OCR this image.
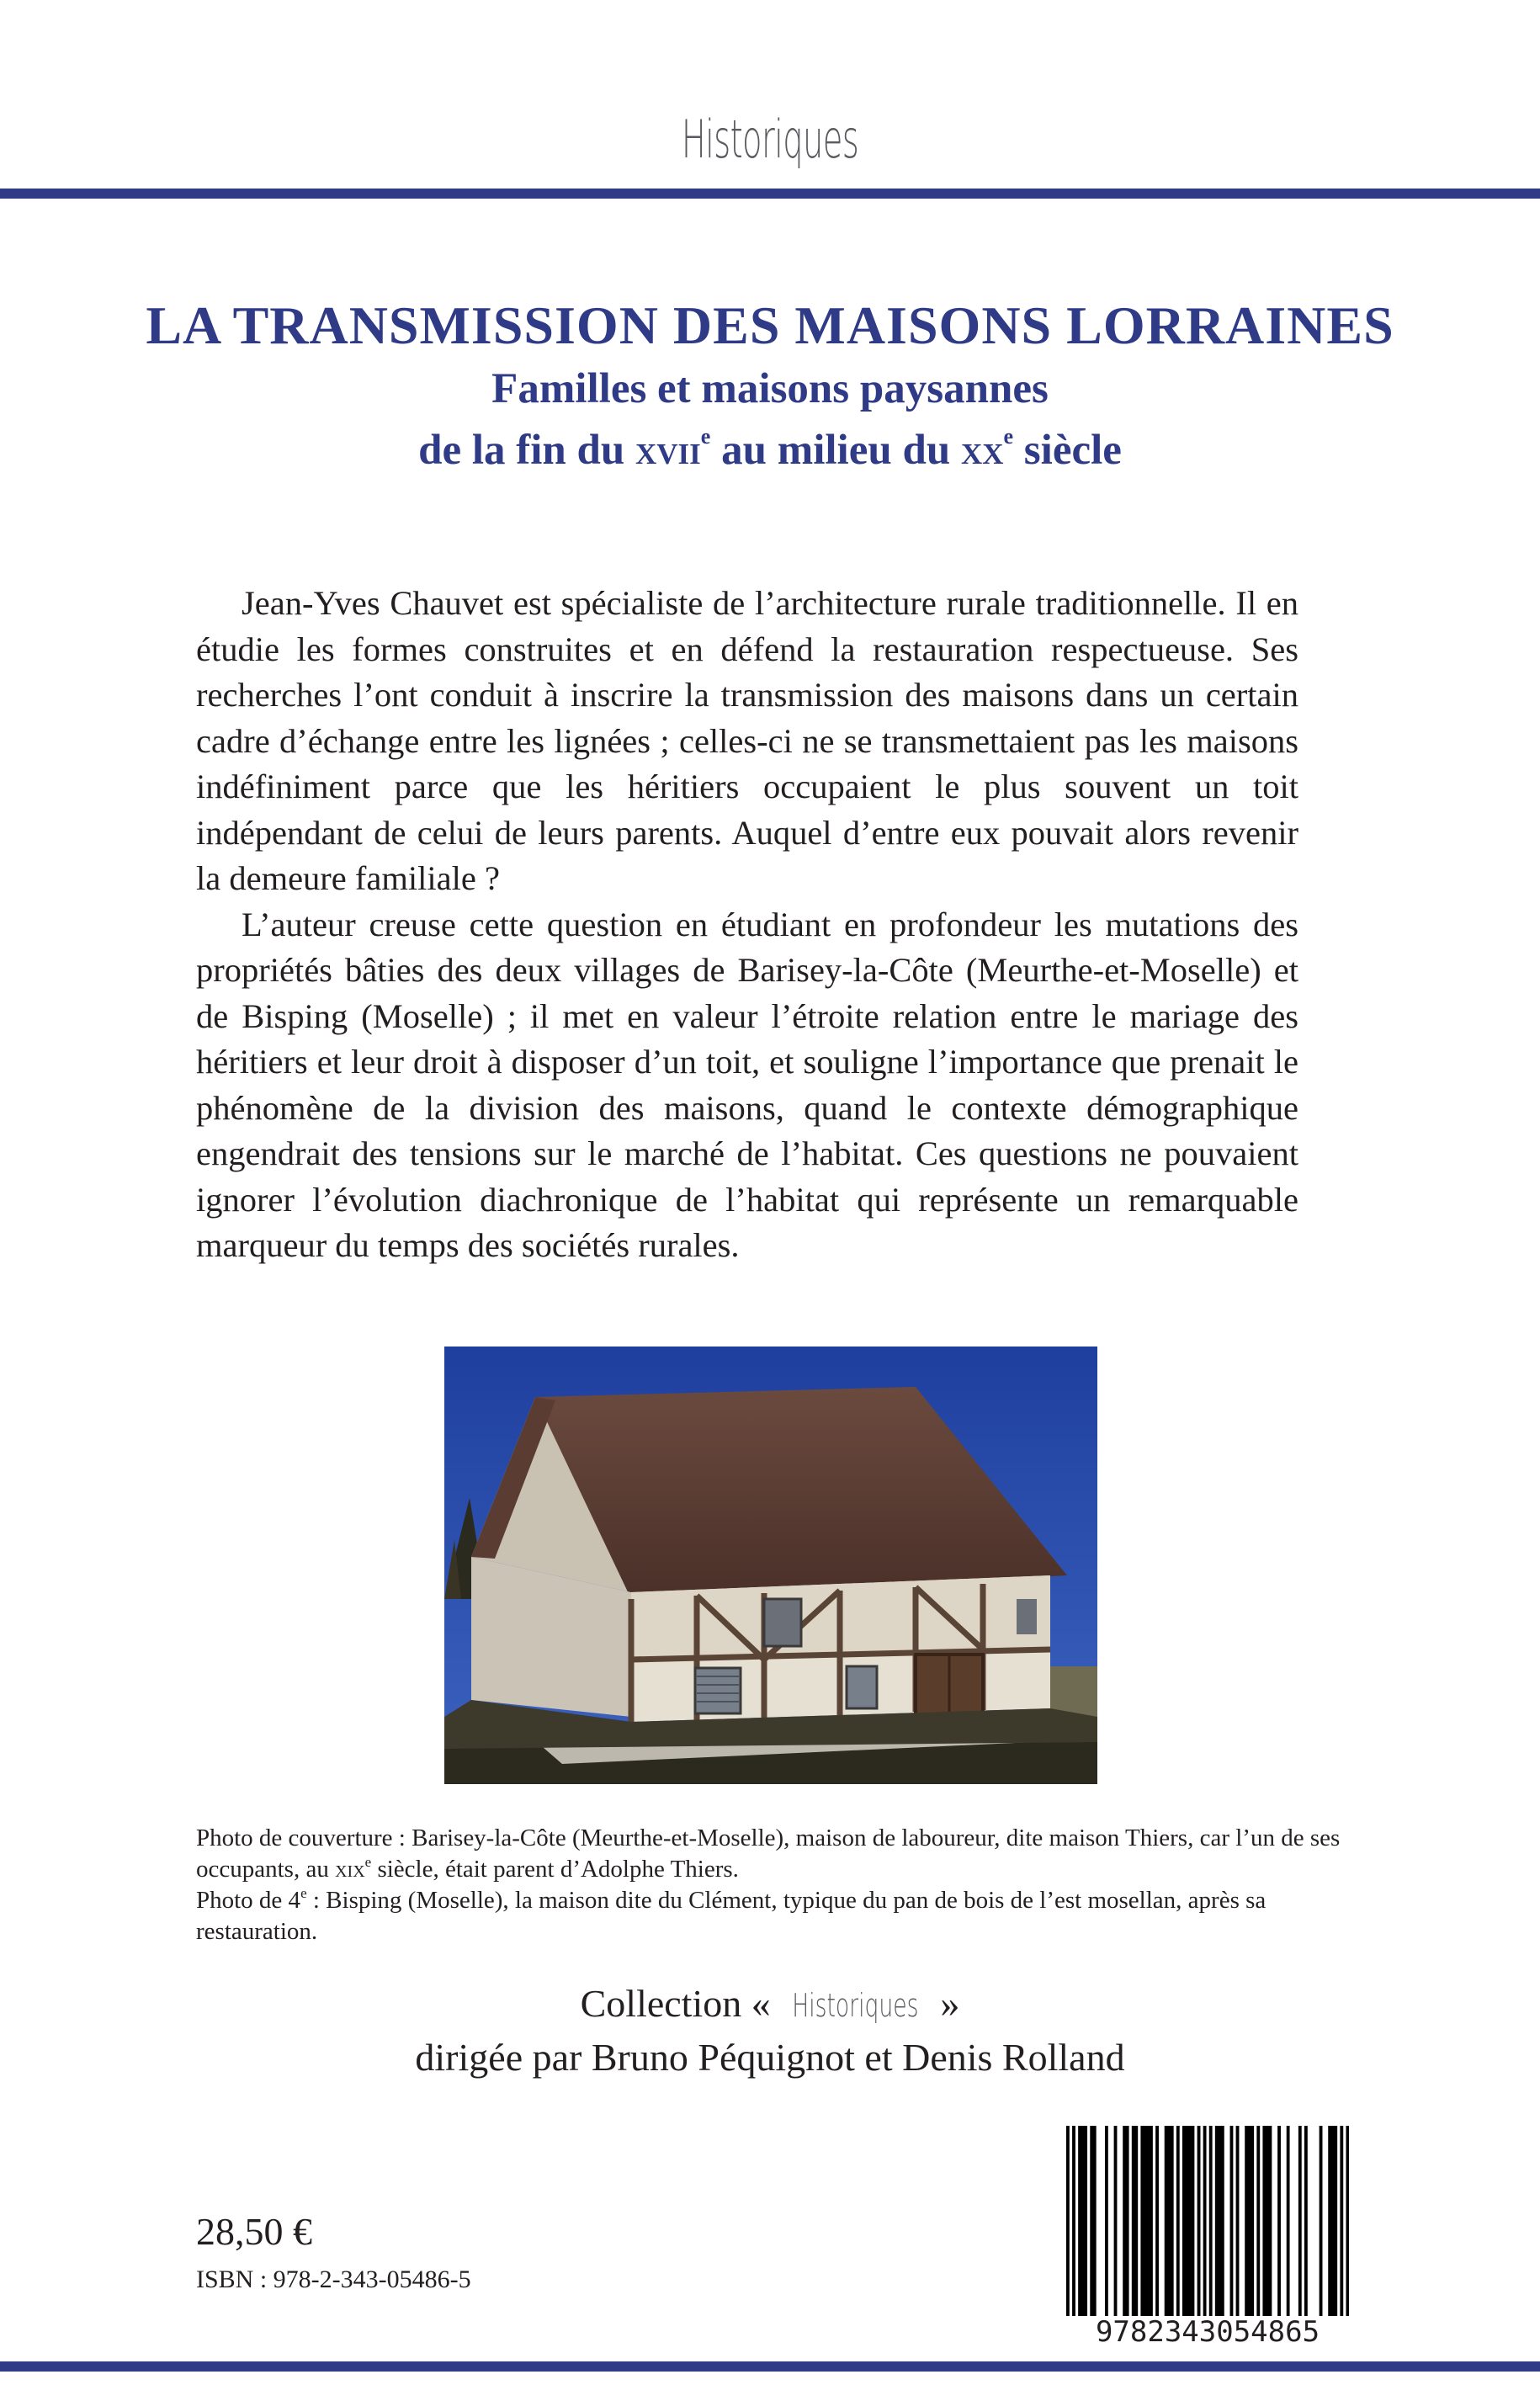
Historiques
LA TRANSMISSION DES MAISONS LORRAINES
Familles et maisons paysannes
de la fin du xvii$^e$ au milieu du $xx^e$ siècle

Jean-Yves Chauvet est spécialiste de l’architecture rurale traditionnelle. Il en étudie les formes construites et en défend la restauration respectueuse. Ses recherches l’ont conduit à inscrire la transmission des maisons dans un certain cadre d’échange entre les lignées ; celles-ci ne se transmettaient pas les maisons indéfiniment parce que les héritiers occupaient le plus souvent un toit indépendant de celui de leurs parents. Auquel d’entre eux pouvait alors revenir la demeure familiale ?

L’auteur creuse cette question en étudiant en profondeur les mutations des propriétés bâties des deux villages de Barisey-la-Côte (Meurthe-et-Moselle) et de Bisping (Moselle) ; il met en valeur l’étroite relation entre le mariage des héritiers et leur droit à disposer d’un toit, et souligne l’importance que prenait le phénomène de la division des maisons, quand le contexte démographique engendrait des tensions sur le marché de l’habitat. Ces questions ne pouvaient ignorer l’évolution diachronique de l’habitat qui représente un remarquable marqueur du temps des sociétés rurales.

Photo de couverture : Barisey-la-Côte (Meurthe-et-Moselle), maison de laboureur, dite maison Thiers, car l’un de ses occupants, au xix$^e$ siècle, était parent d’Adolphe Thiers.

Photo de 4e : Bisping (Moselle), la maison dite du Clément, typique du pan de bois de l’est mosellan, après sa restauration.

Collection « Historiques »
dirigée par Bruno Péquignot et Denis Rolland
28,50 €
ISBN : 978-2-343-05486-5
9782343054865
